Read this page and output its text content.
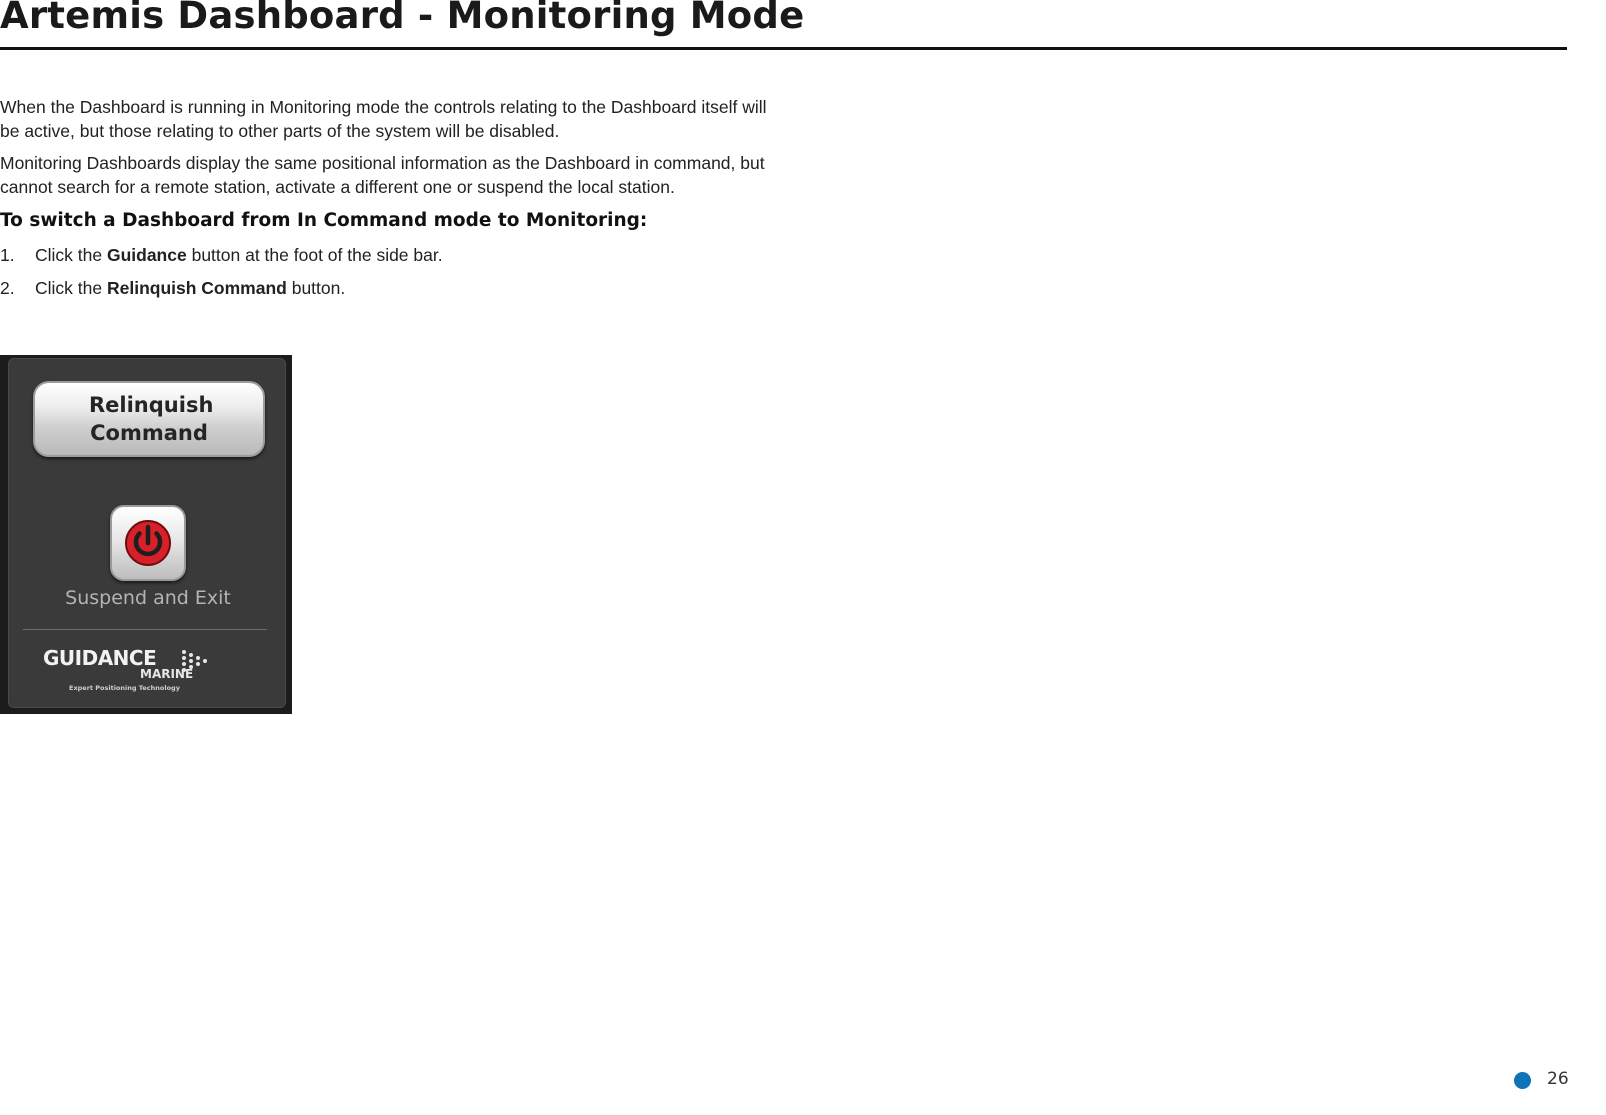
Artemis Dashboard - Monitoring Mode

When the Dashboard is running in Monitoring mode the controls relating to the Dashboard itself will be active, but those relating to other parts of the system will be disabled.

Monitoring Dashboards display the same positional information as the Dashboard in command, but cannot search for a remote station, activate a different one or suspend the local station.

To switch a Dashboard from In Command mode to Monitoring:
1.	Click the Guidance button at the foot of the side bar.
2.	Click the Relinquish Command button.
Relinquish Command
Suspend and Exit
GUIDANCE
MARINE
Expert Positioning Technology
26
